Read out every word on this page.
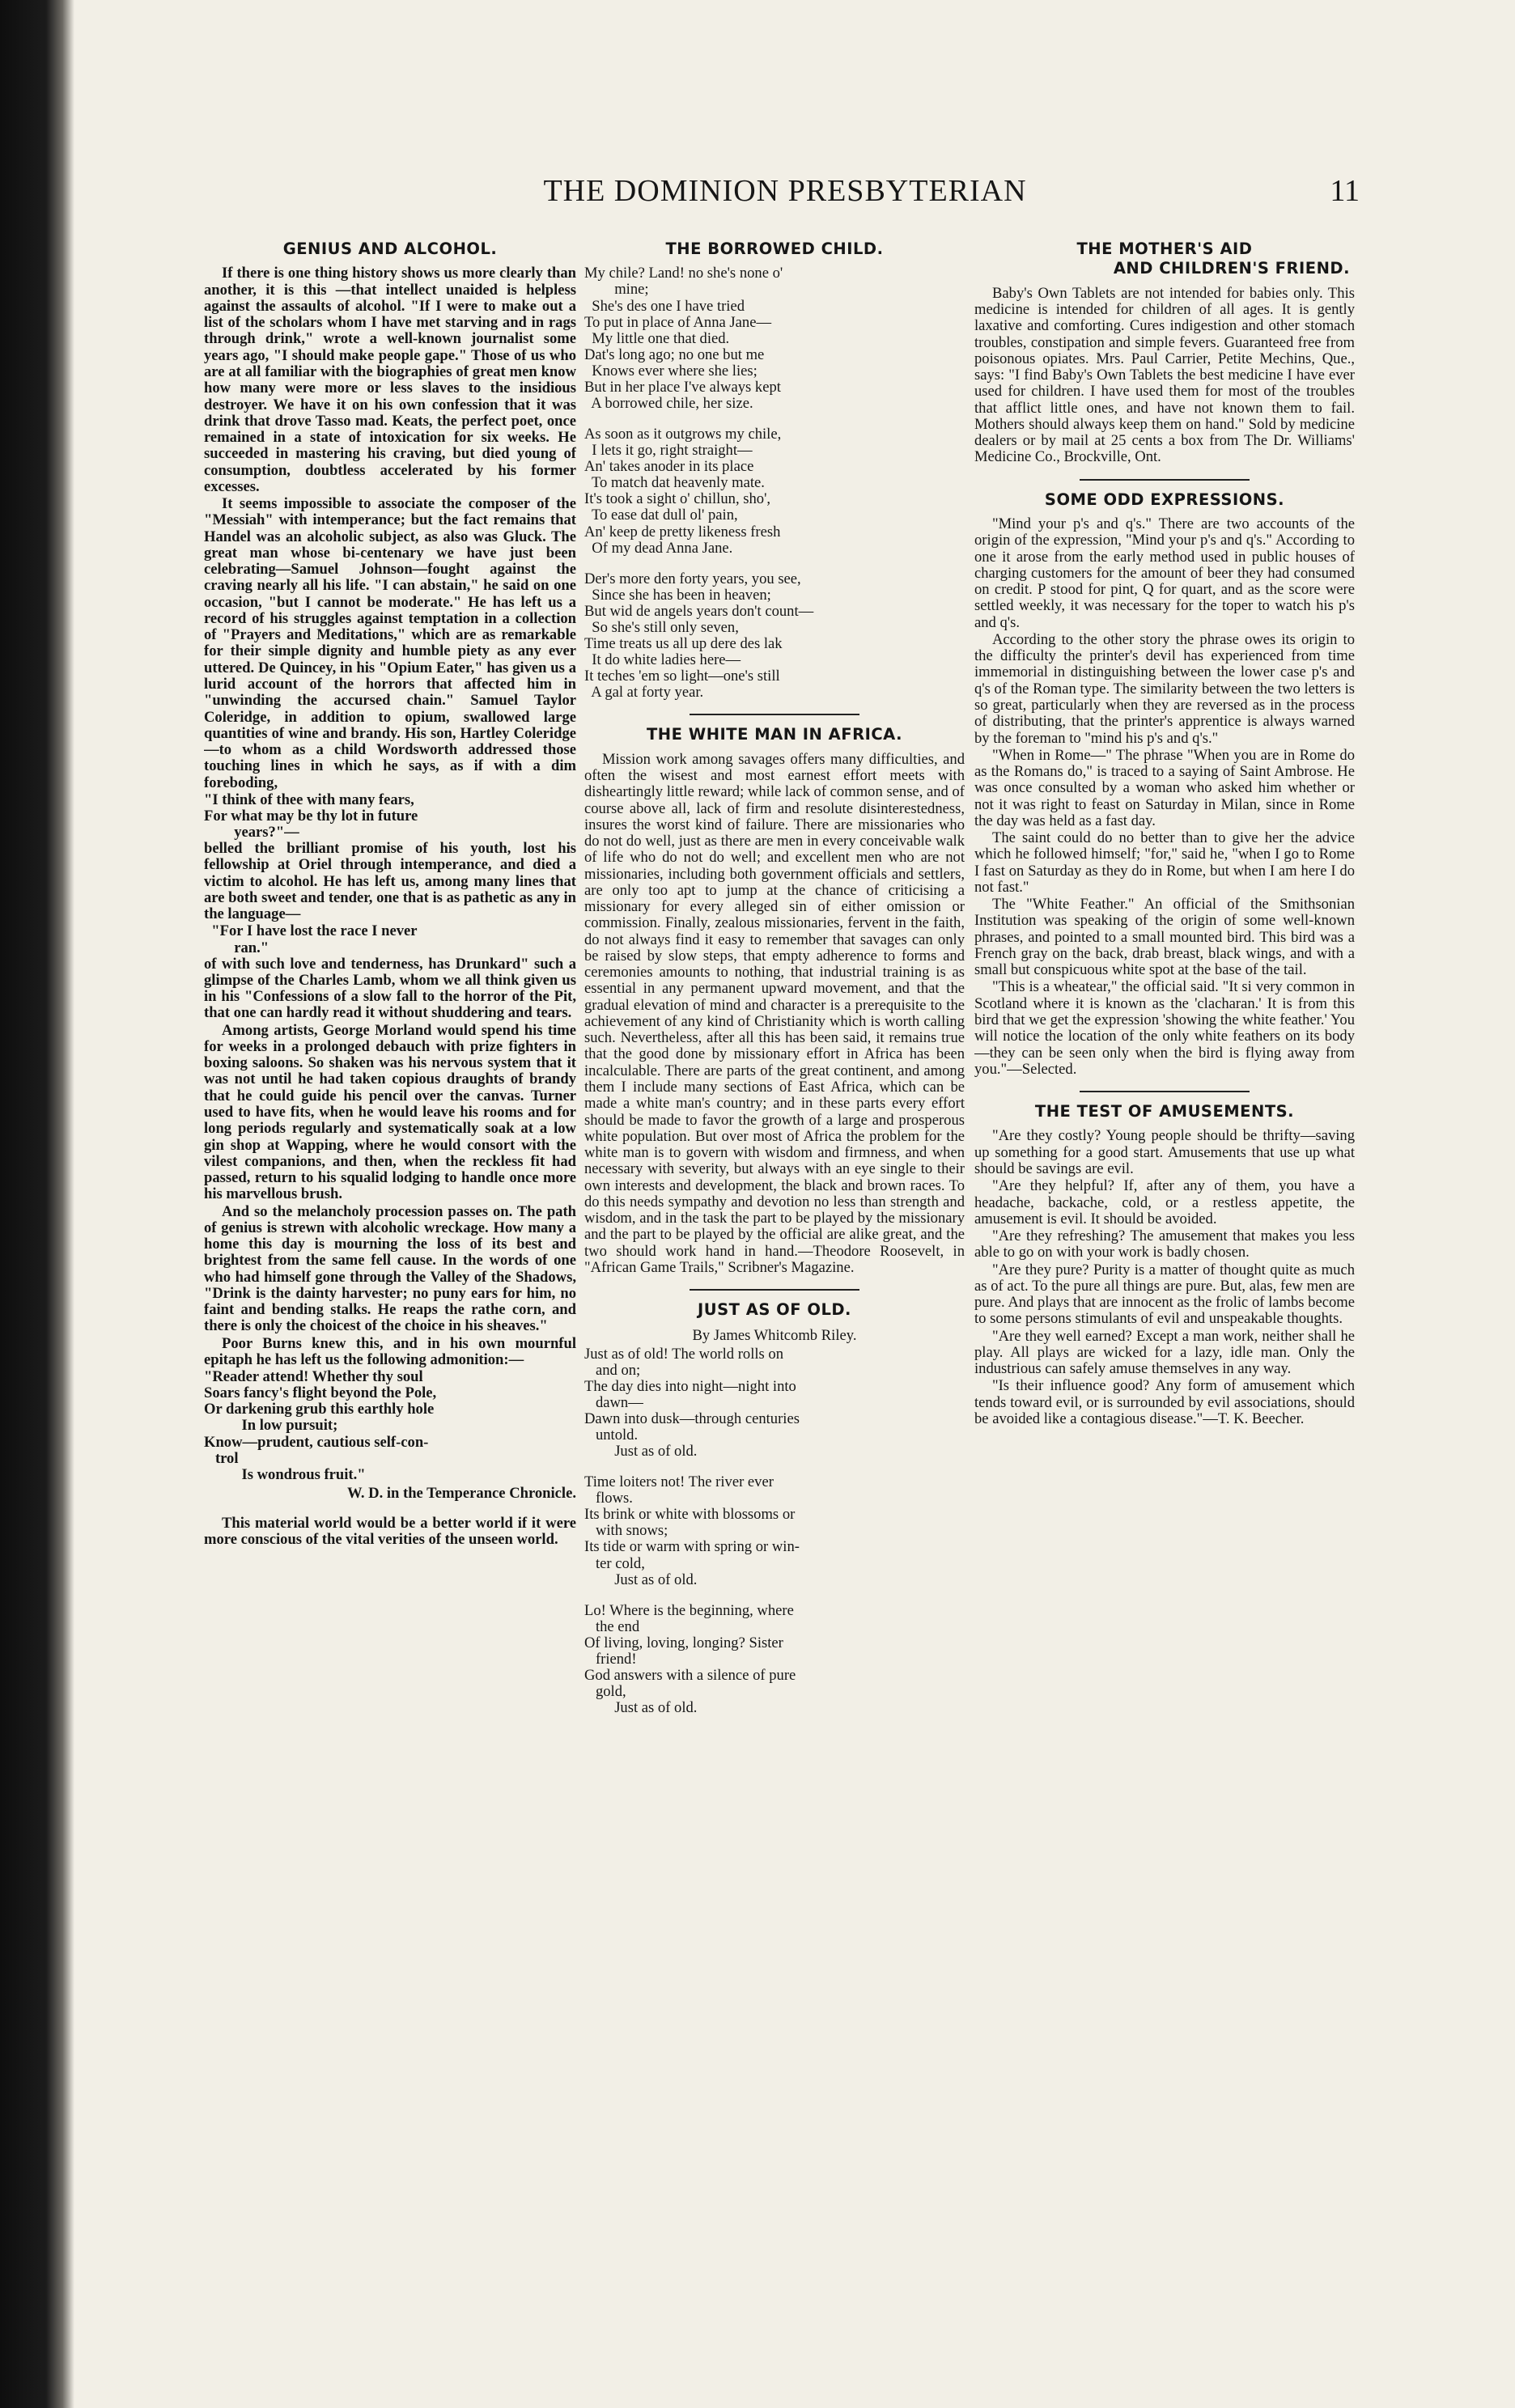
THE DOMINION PRESBYTERIAN	11
GENIUS AND ALCOHOL.

If there is one thing history shows us more clearly than another, it is this —that intellect unaided is helpless against the assaults of alcohol. "If I were to make out a list of the scholars whom I have met starving and in rags through drink," wrote a well-known journalist some years ago, "I should make people gape." Those of us who are at all familiar with the biographies of great men know how many were more or less slaves to the insidious destroyer. We have it on his own confession that it was drink that drove Tasso mad. Keats, the perfect poet, once remained in a state of intoxication for six weeks. He succeeded in mastering his craving, but died young of consumption, doubtless accelerated by his former excesses.

It seems impossible to associate the composer of the "Messiah" with intemperance; but the fact remains that Handel was an alcoholic subject, as also was Gluck. The great man whose bi-centenary we have just been celebrating—Samuel Johnson—fought against the craving nearly all his life. "I can abstain," he said on one occasion, "but I cannot be moderate." He has left us a record of his struggles against temptation in a collection of "Prayers and Meditations," which are as remarkable for their simple dignity and humble piety as any ever uttered. De Quincey, in his "Opium Eater," has given us a lurid account of the horrors that affected him in "unwinding the accursed chain." Samuel Taylor Coleridge, in addition to opium, swallowed large quantities of wine and brandy. His son, Hartley Coleridge—to whom as a child Wordsworth addressed those touching lines in which he says, as if with a dim foreboding,

"I think of thee with many fears,
For what may be thy lot in future
years?"—

belled the brilliant promise of his youth, lost his fellowship at Oriel through intemperance, and died a victim to alcohol. He has left us, among many lines that are both sweet and tender, one that is as pathetic as any in the language—

"For I have lost the race I never
ran."

of with such love and tenderness, has Drunkard" such a glimpse of the Charles Lamb, whom we all think given us in his "Confessions of a slow fall to the horror of the Pit, that one can hardly read it without shuddering and tears.

Among artists, George Morland would spend his time for weeks in a prolonged debauch with prize fighters in boxing saloons. So shaken was his nervous system that it was not until he had taken copious draughts of brandy that he could guide his pencil over the canvas. Turner used to have fits, when he would leave his rooms and for long periods regularly and systematically soak at a low gin shop at Wapping, where he would consort with the vilest companions, and then, when the reckless fit had passed, return to his squalid lodging to handle once more his marvellous brush.

And so the melancholy procession passes on. The path of genius is strewn with alcoholic wreckage. How many a home this day is mourning the loss of its best and brightest from the same fell cause. In the words of one who had himself gone through the Valley of the Shadows, "Drink is the dainty harvester; no puny ears for him, no faint and bending stalks. He reaps the rathe corn, and there is only the choicest of the choice in his sheaves."

Poor Burns knew this, and in his own mournful epitaph he has left us the following admonition:—

"Reader attend! Whether thy soul
Soars fancy's flight beyond the Pole,
Or darkening grub this earthly hole
In low pursuit;
Know—prudent, cautious self-con-
trol
Is wondrous fruit."
W. D. in the Temperance Chronicle.

This material world would be a better world if it were more conscious of the vital verities of the unseen world.

THE BORROWED CHILD.
My chile? Land! no she's none o'
mine;
She's des one I have tried
To put in place of Anna Jane—
My little one that died.
Dat's long ago; no one but me
Knows ever where she lies;
But in her place I've always kept
A borrowed chile, her size.
As soon as it outgrows my chile,
I lets it go, right straight—
An' takes anoder in its place
To match dat heavenly mate.
It's took a sight o' chillun, sho',
To ease dat dull ol' pain,
An' keep de pretty likeness fresh
Of my dead Anna Jane.
Der's more den forty years, you see,
Since she has been in heaven;
But wid de angels years don't count—
So she's still only seven,
Time treats us all up dere des lak
It do white ladies here—
It teches 'em so light—one's still
A gal at forty year.
THE WHITE MAN IN AFRICA.

Mission work among savages offers many difficulties, and often the wisest and most earnest effort meets with disheartingly little reward; while lack of common sense, and of course above all, lack of firm and resolute disinterestedness, insures the worst kind of failure. There are missionaries who do not do well, just as there are men in every conceivable walk of life who do not do well; and excellent men who are not missionaries, including both government officials and settlers, are only too apt to jump at the chance of criticising a missionary for every alleged sin of either omission or commission. Finally, zealous missionaries, fervent in the faith, do not always find it easy to remember that savages can only be raised by slow steps, that empty adherence to forms and ceremonies amounts to nothing, that industrial training is as essential in any permanent upward movement, and that the gradual elevation of mind and character is a prerequisite to the achievement of any kind of Christianity which is worth calling such. Nevertheless, after all this has been said, it remains true that the good done by missionary effort in Africa has been incalculable. There are parts of the great continent, and among them I include many sections of East Africa, which can be made a white man's country; and in these parts every effort should be made to favor the growth of a large and prosperous white population. But over most of Africa the problem for the white man is to govern with wisdom and firmness, and when necessary with severity, but always with an eye single to their own interests and development, the black and brown races. To do this needs sympathy and devotion no less than strength and wisdom, and in the task the part to be played by the missionary and the part to be played by the official are alike great, and the two should work hand in hand.—Theodore Roosevelt, in "African Game Trails," Scribner's Magazine.

JUST AS OF OLD.
By James Whitcomb Riley.
Just as of old! The world rolls on
and on;
The day dies into night—night into
dawn—
Dawn into dusk—through centuries
untold.
Just as of old.
Time loiters not! The river ever
flows.
Its brink or white with blossoms or
with snows;
Its tide or warm with spring or win-
ter cold,
Just as of old.
Lo! Where is the beginning, where
the end
Of living, loving, longing? Sister
friend!
God answers with a silence of pure
gold,
Just as of old.
THE MOTHER'S AID
AND CHILDREN'S FRIEND.

Baby's Own Tablets are not intended for babies only. This medicine is intended for children of all ages. It is gently laxative and comforting. Cures indigestion and other stomach troubles, constipation and simple fevers. Guaranteed free from poisonous opiates. Mrs. Paul Carrier, Petite Mechins, Que., says: "I find Baby's Own Tablets the best medicine I have ever used for children. I have used them for most of the troubles that afflict little ones, and have not known them to fail. Mothers should always keep them on hand." Sold by medicine dealers or by mail at 25 cents a box from The Dr. Williams' Medicine Co., Brockville, Ont.

SOME ODD EXPRESSIONS.

"Mind your p's and q's." There are two accounts of the origin of the expression, "Mind your p's and q's." According to one it arose from the early method used in public houses of charging customers for the amount of beer they had consumed on credit. P stood for pint, Q for quart, and as the score were settled weekly, it was necessary for the toper to watch his p's and q's.

According to the other story the phrase owes its origin to the difficulty the printer's devil has experienced from time immemorial in distinguishing between the lower case p's and q's of the Roman type. The similarity between the two letters is so great, particularly when they are reversed as in the process of distributing, that the printer's apprentice is always warned by the foreman to "mind his p's and q's."

"When in Rome—" The phrase "When you are in Rome do as the Romans do," is traced to a saying of Saint Ambrose. He was once consulted by a woman who asked him whether or not it was right to feast on Saturday in Milan, since in Rome the day was held as a fast day.

The saint could do no better than to give her the advice which he followed himself; "for," said he, "when I go to Rome I fast on Saturday as they do in Rome, but when I am here I do not fast."

The "White Feather." An official of the Smithsonian Institution was speaking of the origin of some well-known phrases, and pointed to a small mounted bird. This bird was a French gray on the back, drab breast, black wings, and with a small but conspicuous white spot at the base of the tail.

"This is a wheatear," the official said. "It si very common in Scotland where it is known as the 'clacharan.' It is from this bird that we get the expression 'showing the white feather.' You will notice the location of the only white feathers on its body—they can be seen only when the bird is flying away from you."—Selected.

THE TEST OF AMUSEMENTS.

"Are they costly? Young people should be thrifty—saving up something for a good start. Amusements that use up what should be savings are evil.

"Are they helpful? If, after any of them, you have a headache, backache, cold, or a restless appetite, the amusement is evil. It should be avoided.

"Are they refreshing? The amusement that makes you less able to go on with your work is badly chosen.

"Are they pure? Purity is a matter of thought quite as much as of act. To the pure all things are pure. But, alas, few men are pure. And plays that are innocent as the frolic of lambs become to some persons stimulants of evil and unspeakable thoughts.

"Are they well earned? Except a man work, neither shall he play. All plays are wicked for a lazy, idle man. Only the industrious can safely amuse themselves in any way.

"Is their influence good? Any form of amusement which tends toward evil, or is surrounded by evil associations, should be avoided like a contagious disease."—T. K. Beecher.
